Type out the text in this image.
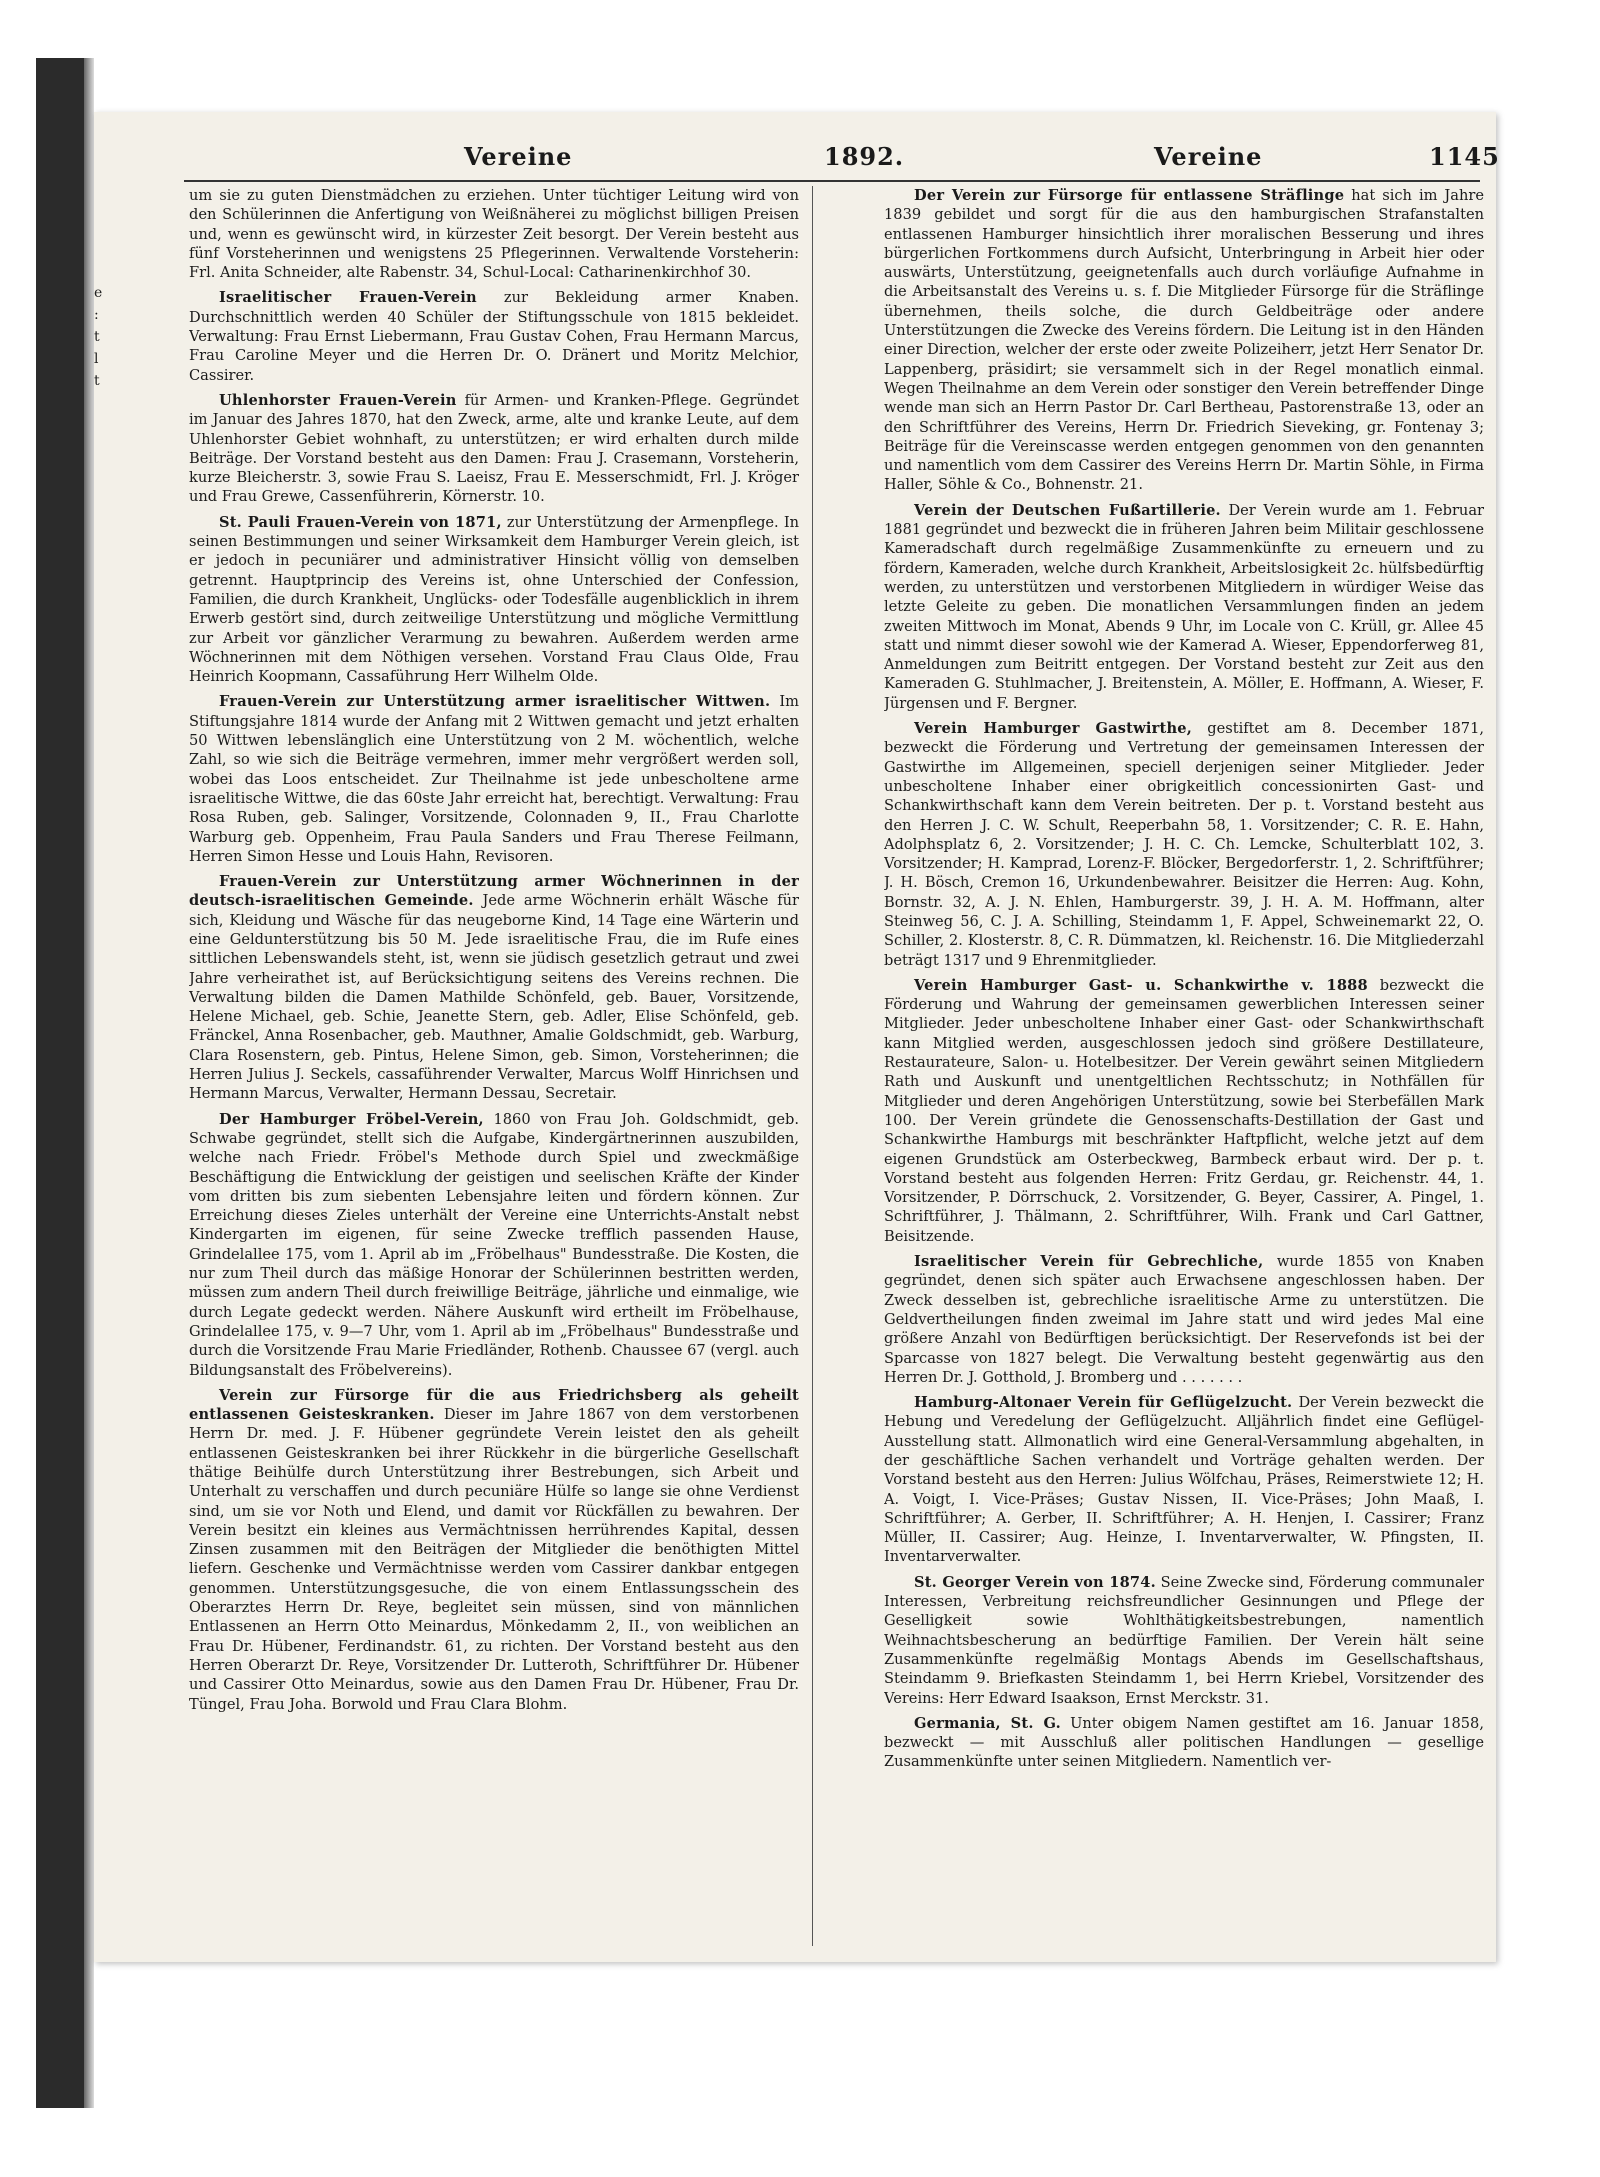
e
:
t
l
t
Vereine	1892.	Vereine	1145

um sie zu guten Dienstmädchen zu erziehen. Unter tüchtiger Leitung wird von den Schülerinnen die Anfertigung von Weißnäherei zu möglichst billigen Preisen und, wenn es gewünscht wird, in kürzester Zeit besorgt. Der Verein besteht aus fünf Vorsteherinnen und wenigstens 25 Pflegerinnen. Verwaltende Vorsteherin: Frl. Anita Schneider, alte Rabenstr. 34, Schul-Local: Catharinenkirchhof 30.

Israelitischer Frauen-Verein zur Bekleidung armer Knaben. Durchschnittlich werden 40 Schüler der Stiftungsschule von 1815 bekleidet. Verwaltung: Frau Ernst Liebermann, Frau Gustav Cohen, Frau Hermann Marcus, Frau Caroline Meyer und die Herren Dr. O. Dränert und Moritz Melchior, Cassirer.

Uhlenhorster Frauen-Verein für Armen- und Kranken-Pflege. Gegründet im Januar des Jahres 1870, hat den Zweck, arme, alte und kranke Leute, auf dem Uhlenhorster Gebiet wohnhaft, zu unterstützen; er wird erhalten durch milde Beiträge. Der Vorstand besteht aus den Damen: Frau J. Crasemann, Vorsteherin, kurze Bleicherstr. 3, sowie Frau S. Laeisz, Frau E. Messerschmidt, Frl. J. Kröger und Frau Grewe, Cassenführerin, Körnerstr. 10.

St. Pauli Frauen-Verein von 1871, zur Unterstützung der Armenpflege. In seinen Bestimmungen und seiner Wirksamkeit dem Hamburger Verein gleich, ist er jedoch in pecuniärer und administrativer Hinsicht völlig von demselben getrennt. Hauptprincip des Vereins ist, ohne Unterschied der Confession, Familien, die durch Krankheit, Unglücks- oder Todesfälle augenblicklich in ihrem Erwerb gestört sind, durch zeitweilige Unterstützung und mögliche Vermittlung zur Arbeit vor gänzlicher Verarmung zu bewahren. Außerdem werden arme Wöchnerinnen mit dem Nöthigen versehen. Vorstand Frau Claus Olde, Frau Heinrich Koopmann, Cassaführung Herr Wilhelm Olde.

Frauen-Verein zur Unterstützung armer israelitischer Wittwen. Im Stiftungsjahre 1814 wurde der Anfang mit 2 Wittwen gemacht und jetzt erhalten 50 Wittwen lebenslänglich eine Unterstützung von 2 M. wöchentlich, welche Zahl, so wie sich die Beiträge vermehren, immer mehr vergrößert werden soll, wobei das Loos entscheidet. Zur Theilnahme ist jede unbescholtene arme israelitische Wittwe, die das 60ste Jahr erreicht hat, berechtigt. Verwaltung: Frau Rosa Ruben, geb. Salinger, Vorsitzende, Colonnaden 9, II., Frau Charlotte Warburg geb. Oppenheim, Frau Paula Sanders und Frau Therese Feilmann, Herren Simon Hesse und Louis Hahn, Revisoren.

Frauen-Verein zur Unterstützung armer Wöchnerinnen in der deutsch-israelitischen Gemeinde. Jede arme Wöchnerin erhält Wäsche für sich, Kleidung und Wäsche für das neugeborne Kind, 14 Tage eine Wärterin und eine Geldunterstützung bis 50 M. Jede israelitische Frau, die im Rufe eines sittlichen Lebenswandels steht, ist, wenn sie jüdisch gesetzlich getraut und zwei Jahre verheirathet ist, auf Berücksichtigung seitens des Vereins rechnen. Die Verwaltung bilden die Damen Mathilde Schönfeld, geb. Bauer, Vorsitzende, Helene Michael, geb. Schie, Jeanette Stern, geb. Adler, Elise Schönfeld, geb. Fränckel, Anna Rosenbacher, geb. Mauthner, Amalie Goldschmidt, geb. Warburg, Clara Rosenstern, geb. Pintus, Helene Simon, geb. Simon, Vorsteherinnen; die Herren Julius J. Seckels, cassaführender Verwalter, Marcus Wolff Hinrichsen und Hermann Marcus, Verwalter, Hermann Dessau, Secretair.

Der Hamburger Fröbel-Verein, 1860 von Frau Joh. Goldschmidt, geb. Schwabe gegründet, stellt sich die Aufgabe, Kindergärtnerinnen auszubilden, welche nach Friedr. Fröbel's Methode durch Spiel und zweckmäßige Beschäftigung die Entwicklung der geistigen und seelischen Kräfte der Kinder vom dritten bis zum siebenten Lebensjahre leiten und fördern können. Zur Erreichung dieses Zieles unterhält der Vereine eine Unterrichts-Anstalt nebst Kindergarten im eigenen, für seine Zwecke trefflich passenden Hause, Grindelallee 175, vom 1. April ab im „Fröbelhaus" Bundesstraße. Die Kosten, die nur zum Theil durch das mäßige Honorar der Schülerinnen bestritten werden, müssen zum andern Theil durch freiwillige Beiträge, jährliche und einmalige, wie durch Legate gedeckt werden. Nähere Auskunft wird ertheilt im Fröbelhause, Grindelallee 175, v. 9—7 Uhr, vom 1. April ab im „Fröbelhaus" Bundesstraße und durch die Vorsitzende Frau Marie Friedländer, Rothenb. Chaussee 67 (vergl. auch Bildungsanstalt des Fröbelvereins).

Verein zur Fürsorge für die aus Friedrichsberg als geheilt entlassenen Geisteskranken. Dieser im Jahre 1867 von dem verstorbenen Herrn Dr. med. J. F. Hübener gegründete Verein leistet den als geheilt entlassenen Geisteskranken bei ihrer Rückkehr in die bürgerliche Gesellschaft thätige Beihülfe durch Unterstützung ihrer Bestrebungen, sich Arbeit und Unterhalt zu verschaffen und durch pecuniäre Hülfe so lange sie ohne Verdienst sind, um sie vor Noth und Elend, und damit vor Rückfällen zu bewahren. Der Verein besitzt ein kleines aus Vermächtnissen herrührendes Kapital, dessen Zinsen zusammen mit den Beiträgen der Mitglieder die benöthigten Mittel liefern. Geschenke und Vermächtnisse werden vom Cassirer dankbar entgegen genommen. Unterstützungsgesuche, die von einem Entlassungsschein des Oberarztes Herrn Dr. Reye, begleitet sein müssen, sind von männlichen Entlassenen an Herrn Otto Meinardus, Mönkedamm 2, II., von weiblichen an Frau Dr. Hübener, Ferdinandstr. 61, zu richten. Der Vorstand besteht aus den Herren Oberarzt Dr. Reye, Vorsitzender Dr. Lutteroth, Schriftführer Dr. Hübener und Cassirer Otto Meinardus, sowie aus den Damen Frau Dr. Hübener, Frau Dr. Tüngel, Frau Joha. Borwold und Frau Clara Blohm.

Der Verein zur Fürsorge für entlassene Sträflinge hat sich im Jahre 1839 gebildet und sorgt für die aus den hamburgischen Strafanstalten entlassenen Hamburger hinsichtlich ihrer moralischen Besserung und ihres bürgerlichen Fortkommens durch Aufsicht, Unterbringung in Arbeit hier oder auswärts, Unterstützung, geeignetenfalls auch durch vorläufige Aufnahme in die Arbeitsanstalt des Vereins u. s. f. Die Mitglieder Fürsorge für die Sträflinge übernehmen, theils solche, die durch Geldbeiträge oder andere Unterstützungen die Zwecke des Vereins fördern. Die Leitung ist in den Händen einer Direction, welcher der erste oder zweite Polizeiherr, jetzt Herr Senator Dr. Lappenberg, präsidirt; sie versammelt sich in der Regel monatlich einmal. Wegen Theilnahme an dem Verein oder sonstiger den Verein betreffender Dinge wende man sich an Herrn Pastor Dr. Carl Bertheau, Pastorenstraße 13, oder an den Schriftführer des Vereins, Herrn Dr. Friedrich Sieveking, gr. Fontenay 3; Beiträge für die Vereinscasse werden entgegen genommen von den genannten und namentlich vom dem Cassirer des Vereins Herrn Dr. Martin Söhle, in Firma Haller, Söhle & Co., Bohnenstr. 21.

Verein der Deutschen Fußartillerie. Der Verein wurde am 1. Februar 1881 gegründet und bezweckt die in früheren Jahren beim Militair geschlossene Kameradschaft durch regelmäßige Zusammenkünfte zu erneuern und zu fördern, Kameraden, welche durch Krankheit, Arbeitslosigkeit 2c. hülfsbedürftig werden, zu unterstützen und verstorbenen Mitgliedern in würdiger Weise das letzte Geleite zu geben. Die monatlichen Versammlungen finden an jedem zweiten Mittwoch im Monat, Abends 9 Uhr, im Locale von C. Krüll, gr. Allee 45 statt und nimmt dieser sowohl wie der Kamerad A. Wieser, Eppendorferweg 81, Anmeldungen zum Beitritt entgegen. Der Vorstand besteht zur Zeit aus den Kameraden G. Stuhlmacher, J. Breitenstein, A. Möller, E. Hoffmann, A. Wieser, F. Jürgensen und F. Bergner.

Verein Hamburger Gastwirthe, gestiftet am 8. December 1871, bezweckt die Förderung und Vertretung der gemeinsamen Interessen der Gastwirthe im Allgemeinen, speciell derjenigen seiner Mitglieder. Jeder unbescholtene Inhaber einer obrigkeitlich concessionirten Gast- und Schankwirthschaft kann dem Verein beitreten. Der p. t. Vorstand besteht aus den Herren J. C. W. Schult, Reeperbahn 58, 1. Vorsitzender; C. R. E. Hahn, Adolphsplatz 6, 2. Vorsitzender; J. H. C. Ch. Lemcke, Schulterblatt 102, 3. Vorsitzender; H. Kamprad, Lorenz-F. Blöcker, Bergedorferstr. 1, 2. Schriftführer; J. H. Bösch, Cremon 16, Urkundenbewahrer. Beisitzer die Herren: Aug. Kohn, Bornstr. 32, A. J. N. Ehlen, Hamburgerstr. 39, J. H. A. M. Hoffmann, alter Steinweg 56, C. J. A. Schilling, Steindamm 1, F. Appel, Schweinemarkt 22, O. Schiller, 2. Klosterstr. 8, C. R. Dümmatzen, kl. Reichenstr. 16. Die Mitgliederzahl beträgt 1317 und 9 Ehrenmitglieder.

Verein Hamburger Gast- u. Schankwirthe v. 1888 bezweckt die Förderung und Wahrung der gemeinsamen gewerblichen Interessen seiner Mitglieder. Jeder unbescholtene Inhaber einer Gast- oder Schankwirthschaft kann Mitglied werden, ausgeschlossen jedoch sind größere Destillateure, Restaurateure, Salon- u. Hotelbesitzer. Der Verein gewährt seinen Mitgliedern Rath und Auskunft und unentgeltlichen Rechtsschutz; in Nothfällen für Mitglieder und deren Angehörigen Unterstützung, sowie bei Sterbefällen Mark 100. Der Verein gründete die Genossenschafts-Destillation der Gast und Schankwirthe Hamburgs mit beschränkter Haftpflicht, welche jetzt auf dem eigenen Grundstück am Osterbeckweg, Barmbeck erbaut wird. Der p. t. Vorstand besteht aus folgenden Herren: Fritz Gerdau, gr. Reichenstr. 44, 1. Vorsitzender, P. Dörrschuck, 2. Vorsitzender, G. Beyer, Cassirer, A. Pingel, 1. Schriftführer, J. Thälmann, 2. Schriftführer, Wilh. Frank und Carl Gattner, Beisitzende.

Israelitischer Verein für Gebrechliche, wurde 1855 von Knaben gegründet, denen sich später auch Erwachsene angeschlossen haben. Der Zweck desselben ist, gebrechliche israelitische Arme zu unterstützen. Die Geldvertheilungen finden zweimal im Jahre statt und wird jedes Mal eine größere Anzahl von Bedürftigen berücksichtigt. Der Reservefonds ist bei der Sparcasse von 1827 belegt. Die Verwaltung besteht gegenwärtig aus den Herren Dr. J. Gotthold, J. Bromberg und . . . . . . .

Hamburg-Altonaer Verein für Geflügelzucht. Der Verein bezweckt die Hebung und Veredelung der Geflügelzucht. Alljährlich findet eine Geflügel-Ausstellung statt. Allmonatlich wird eine General-Versammlung abgehalten, in der geschäftliche Sachen verhandelt und Vorträge gehalten werden. Der Vorstand besteht aus den Herren: Julius Wölfchau, Präses, Reimerstwiete 12; H. A. Voigt, I. Vice-Präses; Gustav Nissen, II. Vice-Präses; John Maaß, I. Schriftführer; A. Gerber, II. Schriftführer; A. H. Henjen, I. Cassirer; Franz Müller, II. Cassirer; Aug. Heinze, I. Inventarverwalter, W. Pfingsten, II. Inventarverwalter.

St. Georger Verein von 1874. Seine Zwecke sind, Förderung communaler Interessen, Verbreitung reichsfreundlicher Gesinnungen und Pflege der Geselligkeit sowie Wohlthätigkeitsbestrebungen, namentlich Weihnachtsbescherung an bedürftige Familien. Der Verein hält seine Zusammenkünfte regelmäßig Montags Abends im Gesellschaftshaus, Steindamm 9. Briefkasten Steindamm 1, bei Herrn Kriebel, Vorsitzender des Vereins: Herr Edward Isaakson, Ernst Merckstr. 31.

Germania, St. G. Unter obigem Namen gestiftet am 16. Januar 1858, bezweckt — mit Ausschluß aller politischen Handlungen — gesellige Zusammenkünfte unter seinen Mitgliedern. Namentlich ver-
